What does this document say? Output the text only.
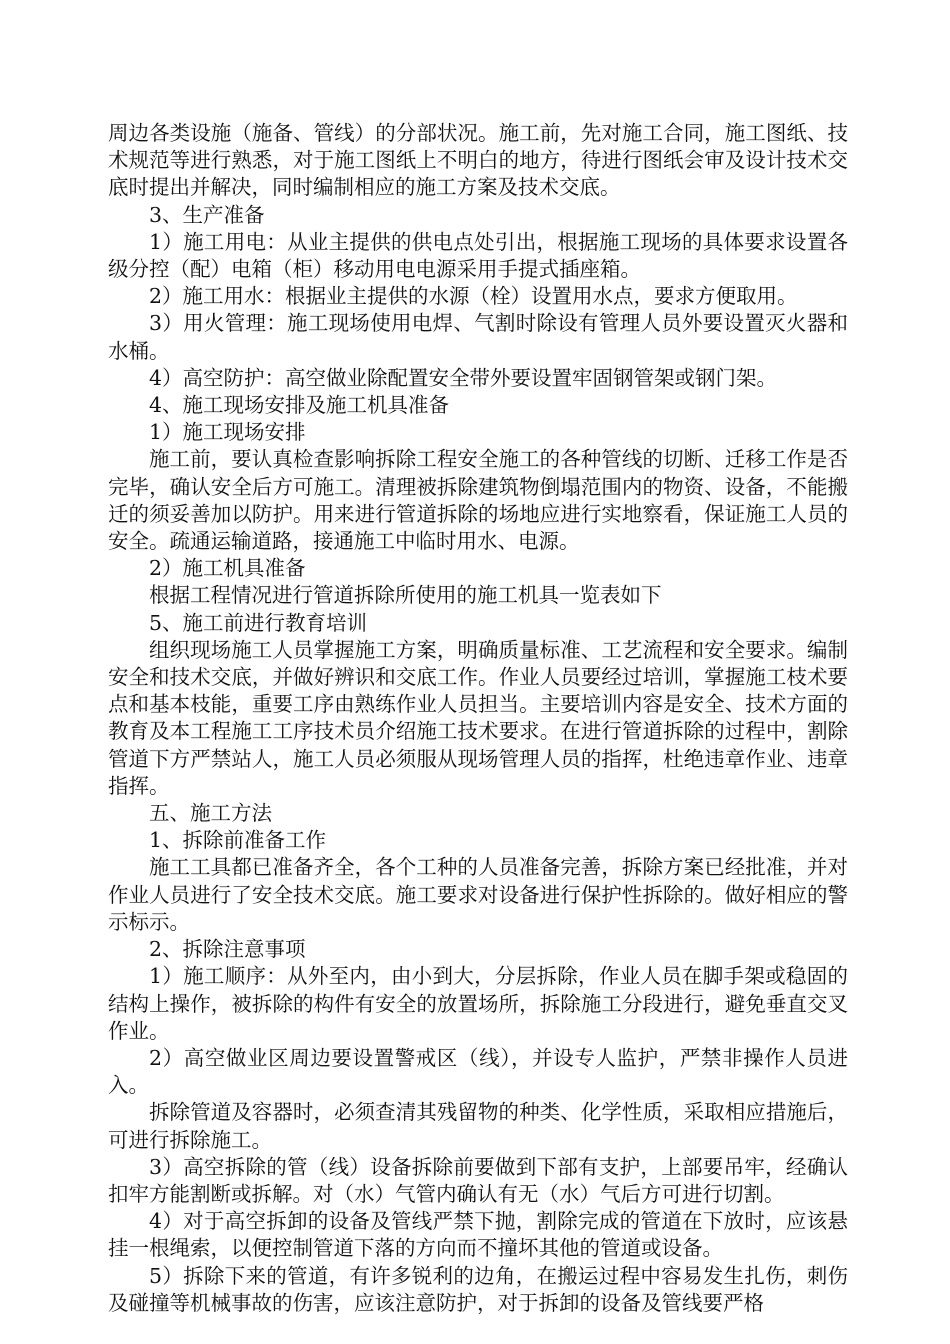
周边各类设施（施备、管线）的分部状况。施工前，先对施工合同，施工图纸、技术规范等进行熟悉，对于施工图纸上不明白的地方，待进行图纸会审及设计技术交底时提出并解决，同时编制相应的施工方案及技术交底。

3、生产准备

1）施工用电：从业主提供的供电点处引出，根据施工现场的具体要求设置各级分控（配）电箱（柜）移动用电电源采用手提式插座箱。

2）施工用水：根据业主提供的水源（栓）设置用水点，要求方便取用。

3）用火管理：施工现场使用电焊、气割时除设有管理人员外要设置灭火器和水桶。

4）高空防护：高空做业除配置安全带外要设置牢固钢管架或钢门架。

4、施工现场安排及施工机具准备

1）施工现场安排

施工前，要认真检查影响拆除工程安全施工的各种管线的切断、迁移工作是否完毕，确认安全后方可施工。清理被拆除建筑物倒塌范围内的物资、设备，不能搬迁的须妥善加以防护。用来进行管道拆除的场地应进行实地察看，保证施工人员的安全。疏通运输道路，接通施工中临时用水、电源。

2）施工机具准备

根据工程情况进行管道拆除所使用的施工机具一览表如下

5、施工前进行教育培训

组织现场施工人员掌握施工方案，明确质量标准、工艺流程和安全要求。编制安全和技术交底，并做好辨识和交底工作。作业人员要经过培训，掌握施工枝术要点和基本枝能，重要工序由熟练作业人员担当。主要培训内容是安全、技术方面的教育及本工程施工工序技术员介绍施工技术要求。在进行管道拆除的过程中，割除管道下方严禁站人，施工人员必须服从现场管理人员的指挥，杜绝违章作业、违章指挥。

五、施工方法

1、拆除前准备工作

施工工具都已准备齐全，各个工种的人员准备完善，拆除方案已经批准，并对作业人员进行了安全技术交底。施工要求对设备进行保护性拆除的。做好相应的警示标示。

2、拆除注意事项

1）施工顺序：从外至内，由小到大，分层拆除，作业人员在脚手架或稳固的结构上操作，被拆除的构件有安全的放置场所，拆除施工分段进行，避免垂直交叉作业。

2）高空做业区周边要设置警戒区（线），并设专人监护，严禁非操作人员进入。

拆除管道及容器时，必须查清其残留物的种类、化学性质，采取相应措施后，可进行拆除施工。

3）高空拆除的管（线）设备拆除前要做到下部有支护，上部要吊牢，经确认扣牢方能割断或拆解。对（水）气管内确认有无（水）气后方可进行切割。

4）对于高空拆卸的设备及管线严禁下抛，割除完成的管道在下放时，应该悬挂一根绳索，以便控制管道下落的方向而不撞坏其他的管道或设备。

5）拆除下来的管道，有许多锐利的边角，在搬运过程中容易发生扎伤，刺伤及碰撞等机械事故的伤害，应该注意防护，对于拆卸的设备及管线要严格
